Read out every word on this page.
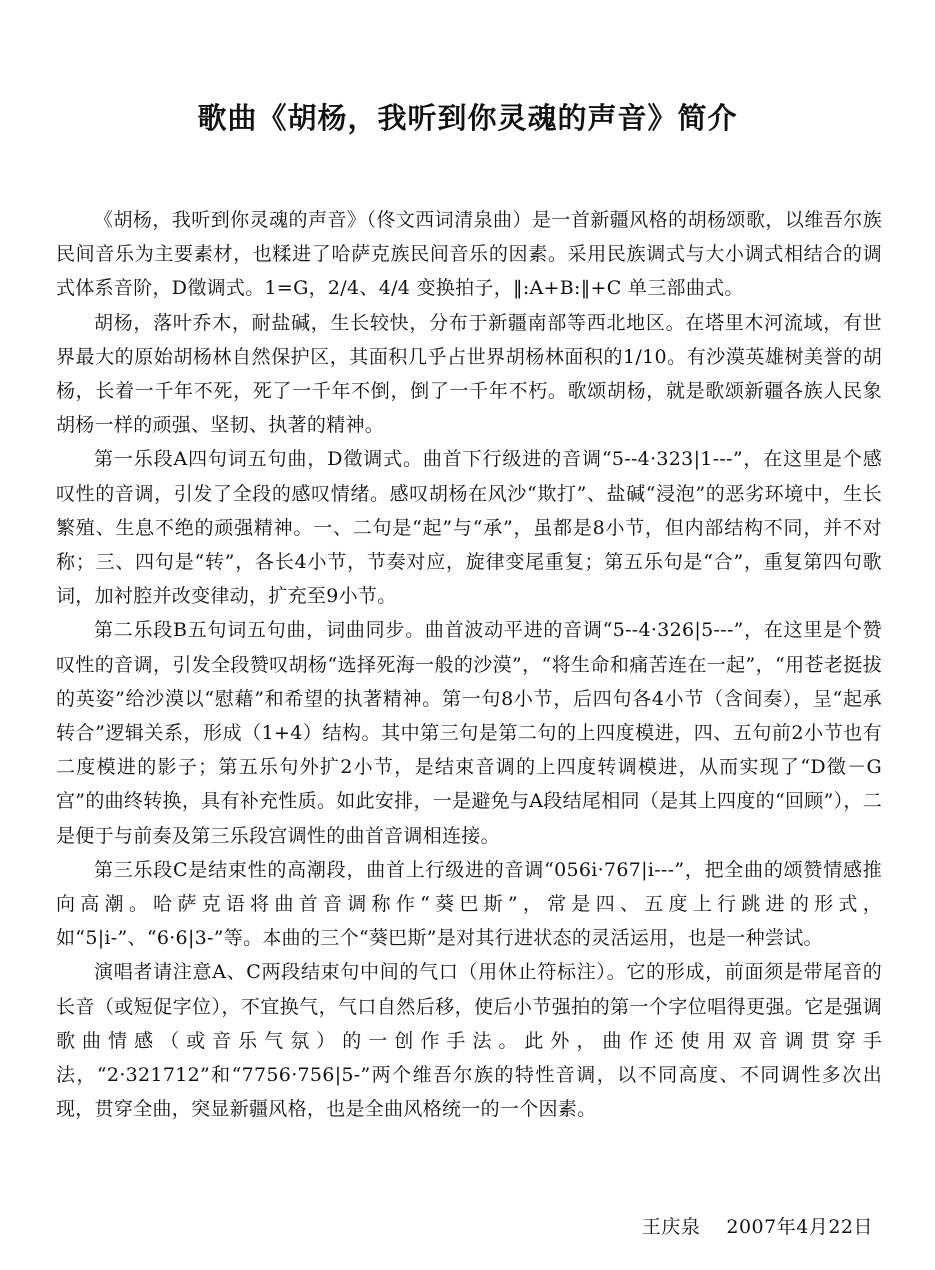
歌曲《胡杨，我听到你灵魂的声音》简介

《胡杨，我听到你灵魂的声音》（佟文西词清泉曲）是一首新疆风格的胡杨颂歌，以维吾尔族民间音乐为主要素材，也糅进了哈萨克族民间音乐的因素。采用民族调式与大小调式相结合的调式体系音阶，D徵调式。1=G，2/4、4/4 变换拍子，‖:A+B:‖+C 单三部曲式。

胡杨，落叶乔木，耐盐碱，生长较快，分布于新疆南部等西北地区。在塔里木河流域，有世界最大的原始胡杨林自然保护区，其面积几乎占世界胡杨林面积的1/10。有沙漠英雄树美誉的胡杨，长着一千年不死，死了一千年不倒，倒了一千年不朽。歌颂胡杨，就是歌颂新疆各族人民象胡杨一样的顽强、坚韧、执著的精神。

第一乐段A四句词五句曲，D徵调式。曲首下行级进的音调“5--4·323|1---”，在这里是个感叹性的音调，引发了全段的感叹情绪。感叹胡杨在风沙“欺打”、盐碱“浸泡”的恶劣环境中，生长繁殖、生息不绝的顽强精神。一、二句是“起”与“承”，虽都是8小节，但内部结构不同，并不对称；三、四句是“转”，各长4小节，节奏对应，旋律变尾重复；第五乐句是“合”，重复第四句歌词，加衬腔并改变律动，扩充至9小节。

第二乐段B五句词五句曲，词曲同步。曲首波动平进的音调“5--4·326|5---”，在这里是个赞叹性的音调，引发全段赞叹胡杨“选择死海一般的沙漠”，“将生命和痛苦连在一起”，“用苍老挺拔的英姿”给沙漠以“慰藉”和希望的执著精神。第一句8小节，后四句各4小节（含间奏），呈“起承转合”逻辑关系，形成（1+4）结构。其中第三句是第二句的上四度模进，四、五句前2小节也有二度模进的影子；第五乐句外扩2小节，是结束音调的上四度转调模进，从而实现了“D徵－G宫”的曲终转换，具有补充性质。如此安排，一是避免与A段结尾相同（是其上四度的“回顾”），二是便于与前奏及第三乐段宫调性的曲首音调相连接。

第三乐段C是结束性的高潮段，曲首上行级进的音调“056i·767|i---”，把全曲的颂赞情感推向高潮。哈萨克语将曲首音调称作“葵巴斯”，常是四、五度上行跳进的形式，如“5|i-”、“6·6|3-”等。本曲的三个“葵巴斯”是对其行进状态的灵活运用，也是一种尝试。

演唱者请注意A、C两段结束句中间的气口（用休止符标注）。它的形成，前面须是带尾音的长音（或短促字位），不宜换气，气口自然后移，使后小节强拍的第一个字位唱得更强。它是强调歌曲情感（或音乐气氛）的一创作手法。此外，曲作还使用双音调贯穿手法，“2·321712”和“7756·756|5-”两个维吾尔族的特性音调，以不同高度、不同调性多次出现，贯穿全曲，突显新疆风格，也是全曲风格统一的一个因素。

王庆泉 2007年4月22日
